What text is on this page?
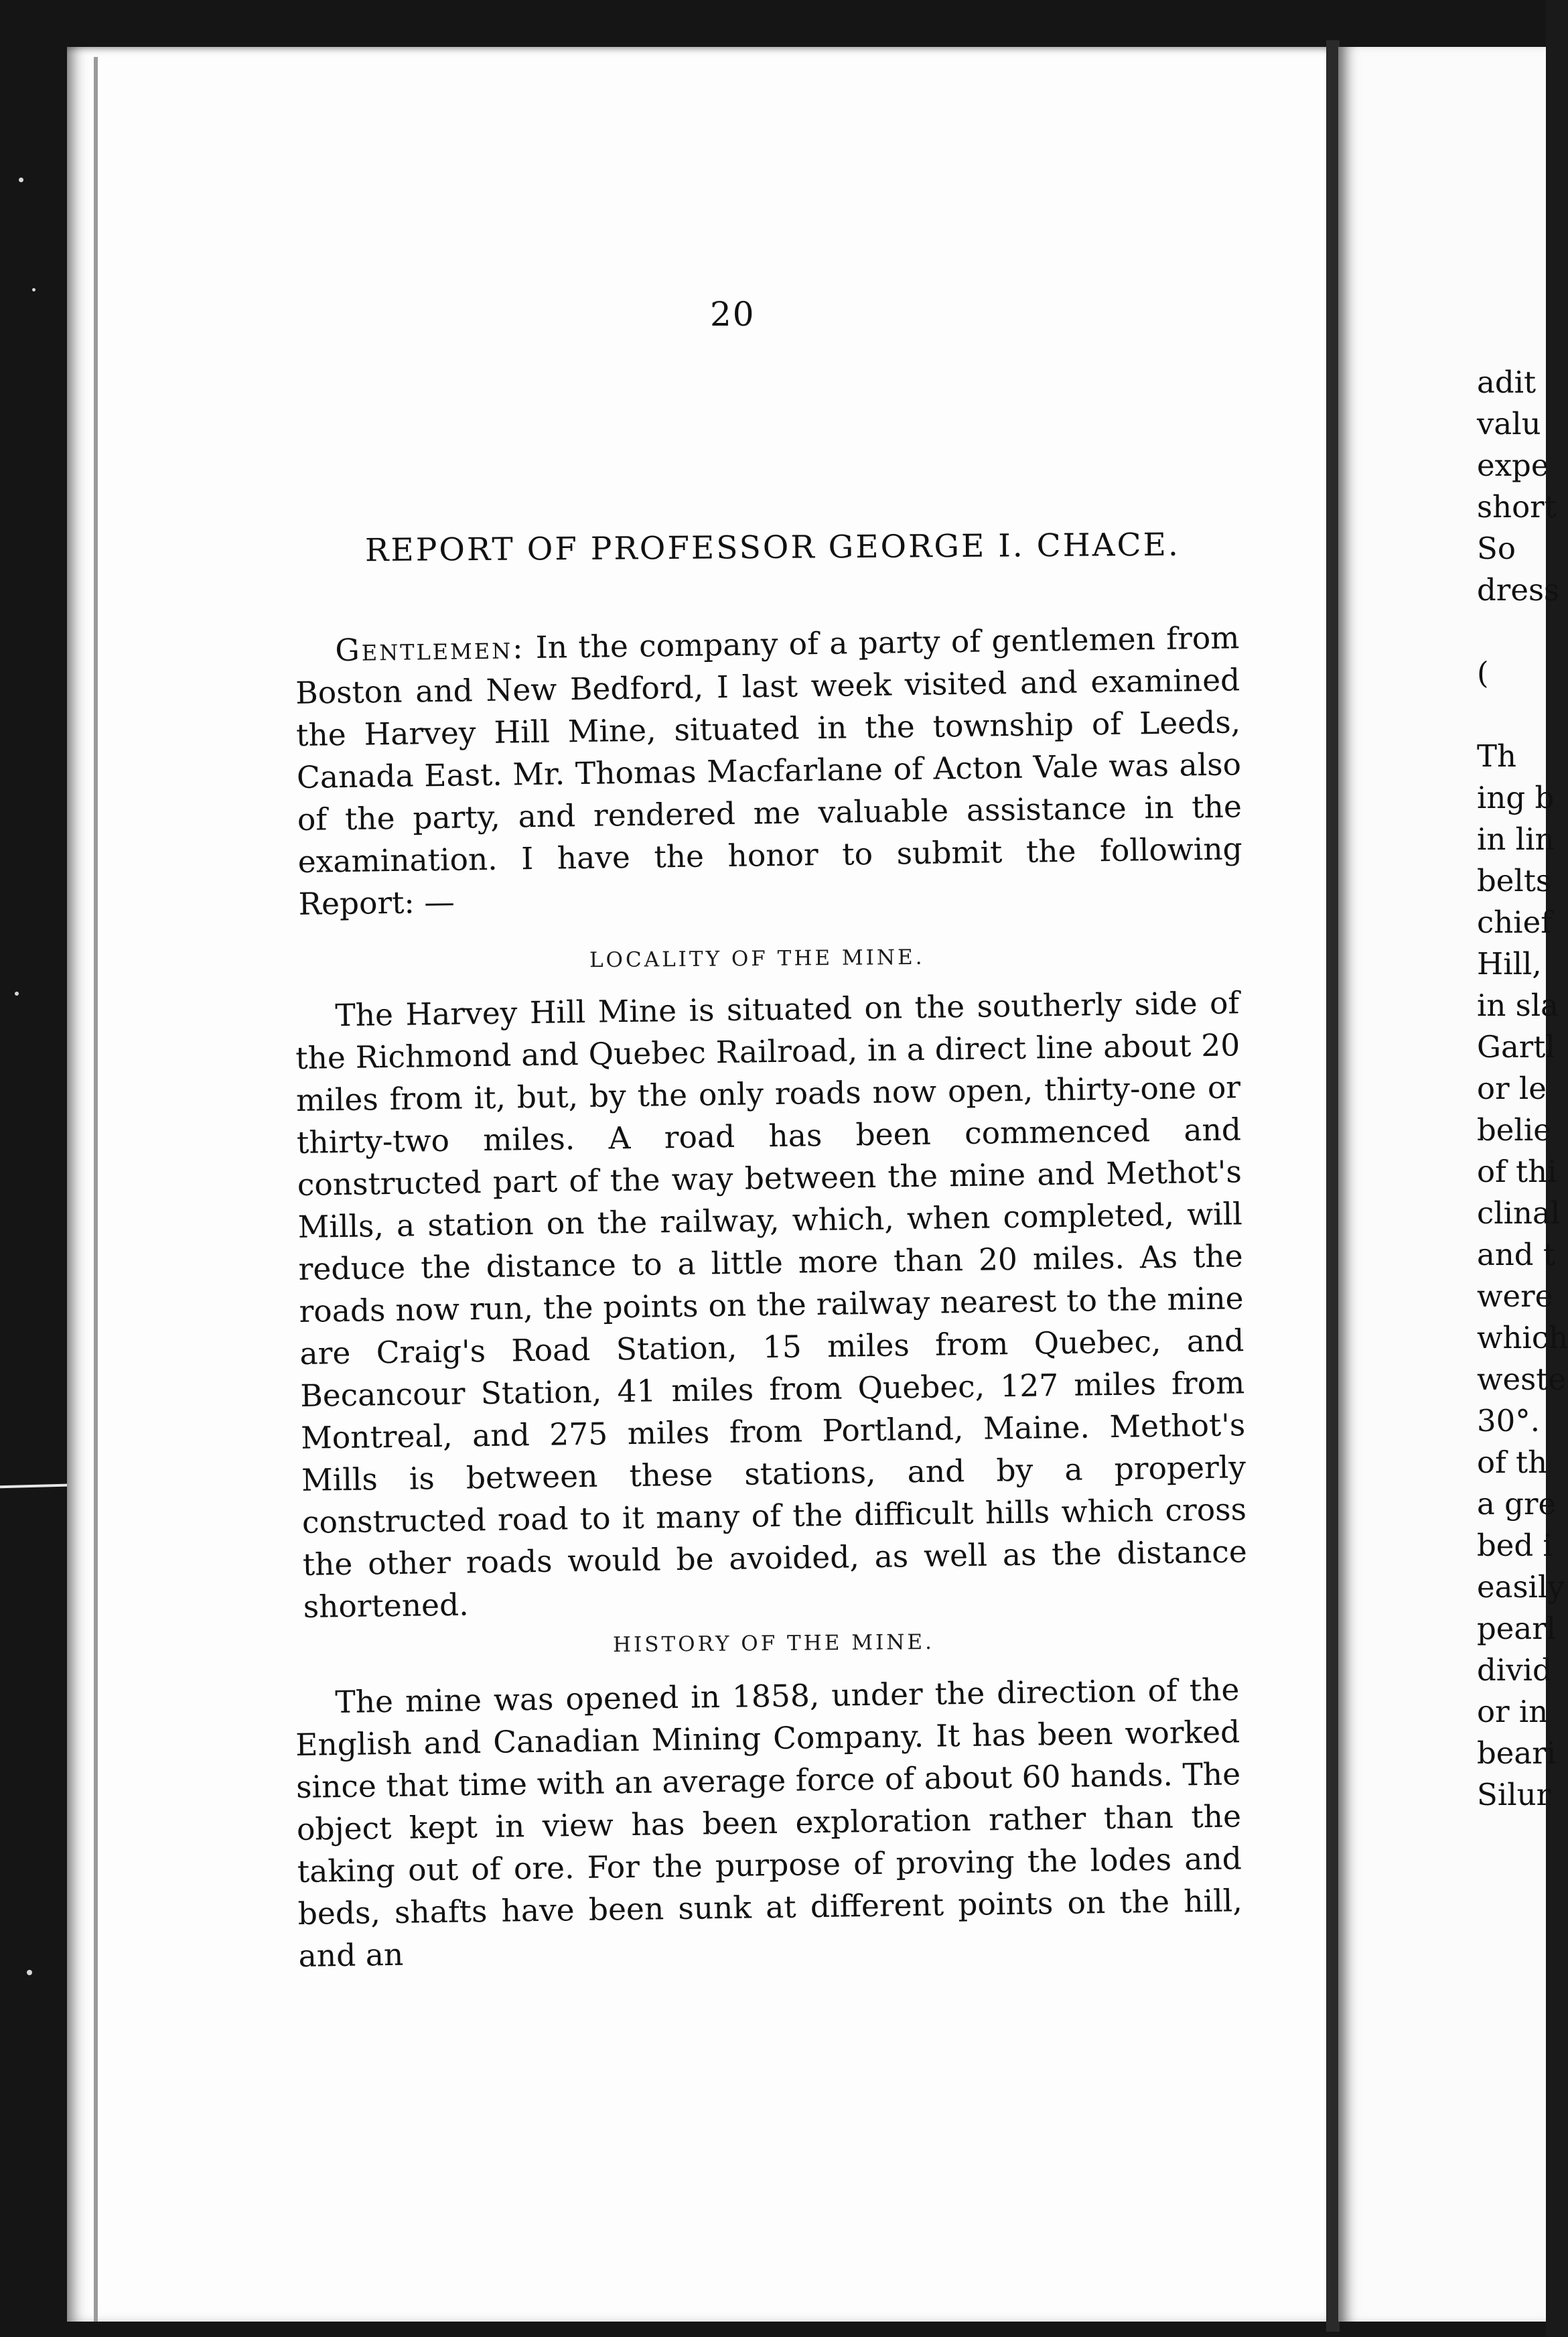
20
REPORT OF PROFESSOR GEORGE I. CHACE.
Gentlemen: In the company of a party of gentlemen from Boston and New Bedford, I last week visited and examined the Harvey Hill Mine, situated in the township of Leeds, Canada East. Mr. Thomas Macfarlane of Acton Vale was also of the party, and rendered me valuable assistance in the examination. I have the honor to submit the following Report: —
LOCALITY OF THE MINE.
The Harvey Hill Mine is situated on the southerly side of the Richmond and Quebec Railroad, in a direct line about 20 miles from it, but, by the only roads now open, thirty-one or thirty-two miles. A road has been commenced and constructed part of the way between the mine and Methot's Mills, a station on the railway, which, when completed, will reduce the distance to a little more than 20 miles. As the roads now run, the points on the railway nearest to the mine are Craig's Road Station, 15 miles from Quebec, and Becancour Station, 41 miles from Quebec, 127 miles from Montreal, and 275 miles from Portland, Maine. Methot's Mills is between these stations, and by a properly constructed road to it many of the difficult hills which cross the other roads would be avoided, as well as the distance shortened.
HISTORY OF THE MINE.
The mine was opened in 1858, under the direction of the English and Canadian Mining Company. It has been worked since that time with an average force of about 60 hands. The object kept in view has been exploration rather than the taking out of ore. For the purpose of proving the lodes and beds, shafts have been sunk at different points on the hill, and an
adit
valu
expe
short
So
dress
(
Th
ing b
in lin
belts
chief
Hill,
in sla
Gartl
or le
belie
of thi
clinal
and t
were
which
weste
30°.
of th
a gre
bed i
easily
pearl
divid
or in
beari
Silur
